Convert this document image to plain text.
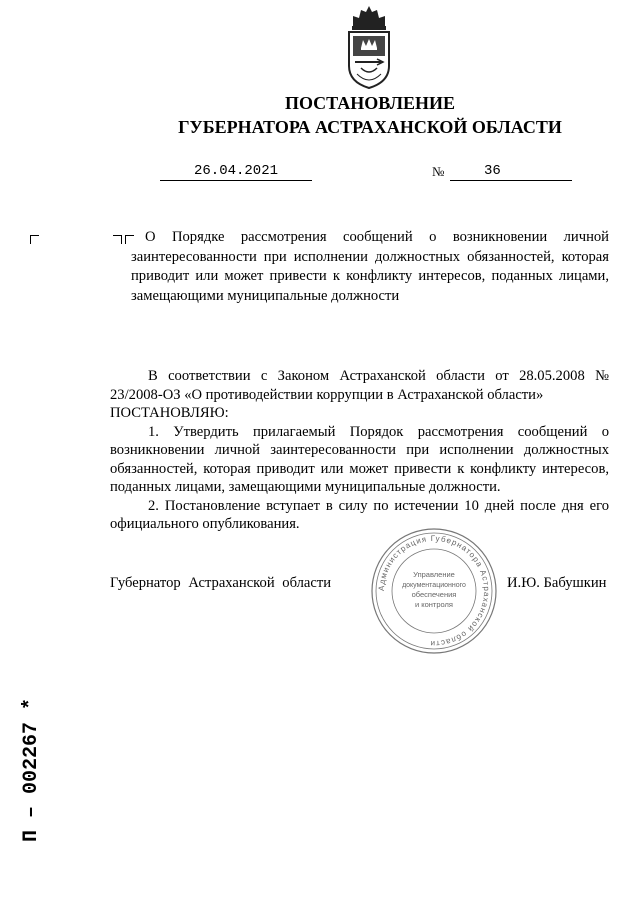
ПОСТАНОВЛЕНИЕ
ГУБЕРНАТОРА АСТРАХАНСКОЙ ОБЛАСТИ
26.04.2021	№	36
О Порядке рассмотрения сообщений о возникновении личной заинтересованности при исполнении должностных обязанностей, которая приводит или может привести к конфликту интересов, поданных лицами, замещающими муниципальные должности

В соответствии с Законом Астраханской области от 28.05.2008 № 23/2008-ОЗ «О противодействии коррупции в Астраханской области»

ПОСТАНОВЛЯЮ:

1. Утвердить прилагаемый Порядок рассмотрения сообщений о возникновении личной заинтересованности при исполнении должностных обязанностей, которая приводит или может привести к конфликту интересов, поданных лицами, замещающими муниципальные должности.

2. Постановление вступает в силу по истечении 10 дней после дня его официального опубликования.

Губернатор Астраханской области	И.Ю. Бабушкин
Администрация Губернатора Астраханской области
Управление
документационного
обеспечения
и контроля
П – 002267 *
